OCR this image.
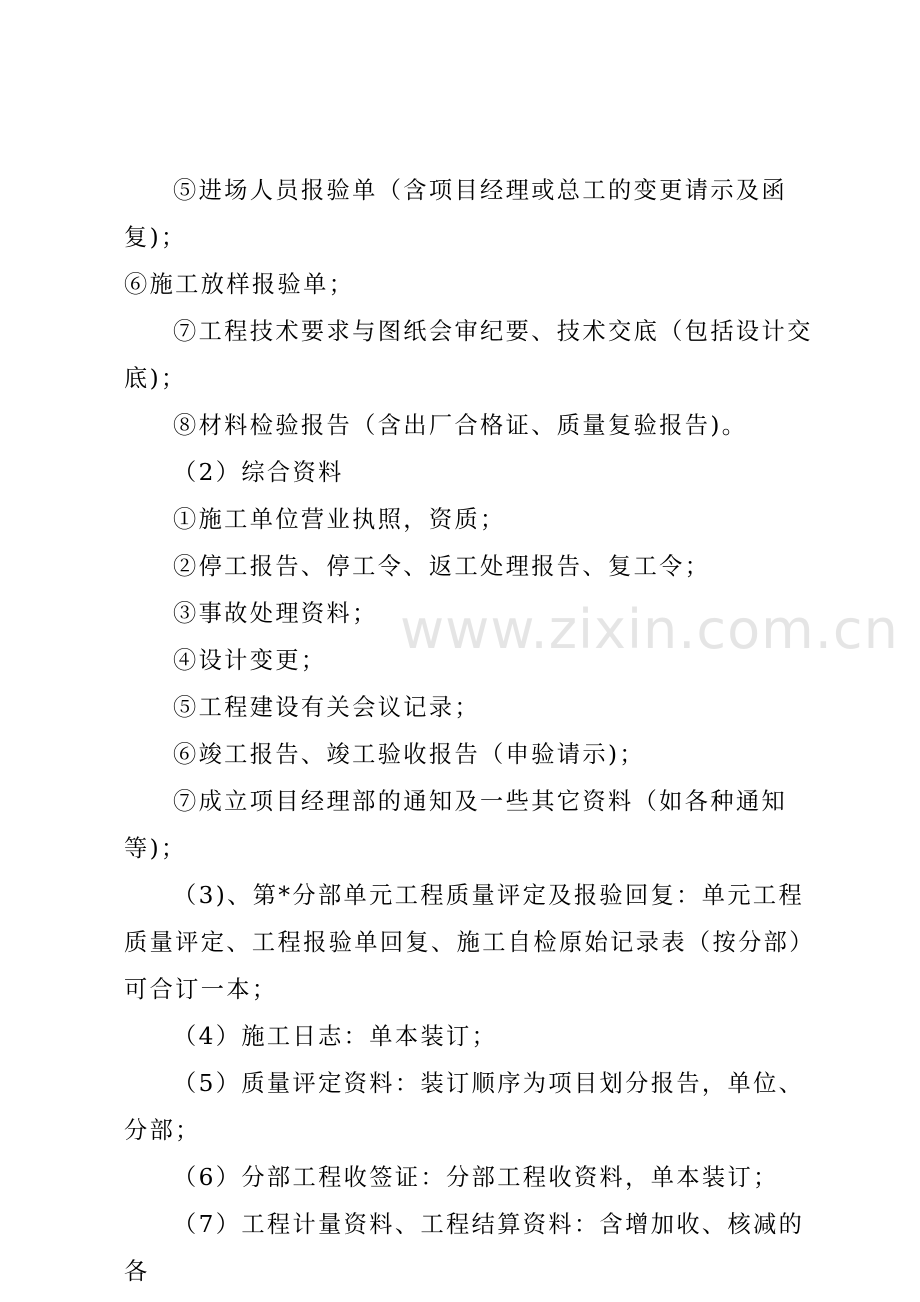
⑤进场人员报验单（含项目经理或总工的变更请示及函复)；

⑥施工放样报验单；

⑦工程技术要求与图纸会审纪要、技术交底（包括设计交底)；

⑧材料检验报告（含出厂合格证、质量复验报告)。

（2）综合资料

①施工单位营业执照，资质；

②停工报告、停工令、返工处理报告、复工令；

③事故处理资料；

④设计变更；

⑤工程建设有关会议记录；

⑥竣工报告、竣工验收报告（申验请示)；

⑦成立项目经理部的通知及一些其它资料（如各种通知等)；

（3)、第*分部单元工程质量评定及报验回复：单元工程质量评定、工程报验单回复、施工自检原始记录表（按分部）可合订一本；

（4）施工日志：单本装订；

（5）质量评定资料：装订顺序为项目划分报告，单位、分部；

（6）分部工程收签证：分部工程收资料，单本装订；

（7）工程计量资料、工程结算资料：含增加收、核减的各

www.zixin.com.cn
